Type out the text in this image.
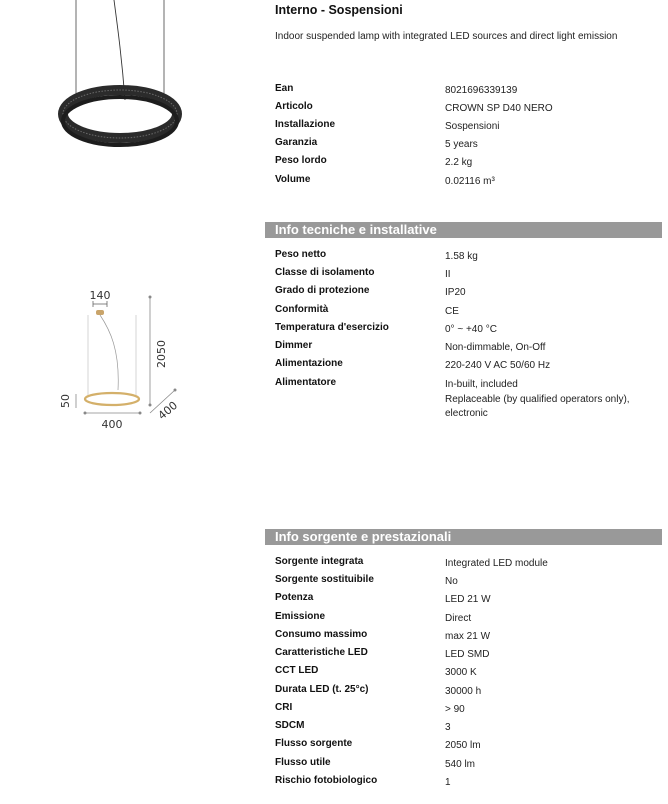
140
2050
50
400
400
Interno - Sospensioni
Indoor suspended lamp with integrated LED sources and direct light emission
Ean	8021696339139
Articolo	CROWN SP D40 NERO
Installazione	Sospensioni
Garanzia	5 years
Peso lordo	2.2 kg
Volume	0.02116 m³
Info tecniche e installative
Peso netto	1.58 kg
Classe di isolamento	II
Grado di protezione	IP20
Conformità	CE
Temperatura d'esercizio	0° ~ +40 °C
Dimmer	Non-dimmable, On-Off
Alimentazione	220-240 V AC 50/60 Hz
Alimentatore	In-built, included
Replaceable (by qualified operators only),
electronic
Info sorgente e prestazionali
Sorgente integrata	Integrated LED module
Sorgente sostituibile	No
Potenza	LED 21 W
Emissione	Direct
Consumo massimo	max 21 W
Caratteristiche LED	LED SMD
CCT LED	3000 K
Durata LED (t. 25°c)	30000 h
CRI	> 90
SDCM	3
Flusso sorgente	2050 lm
Flusso utile	540 lm
Rischio fotobiologico	1
